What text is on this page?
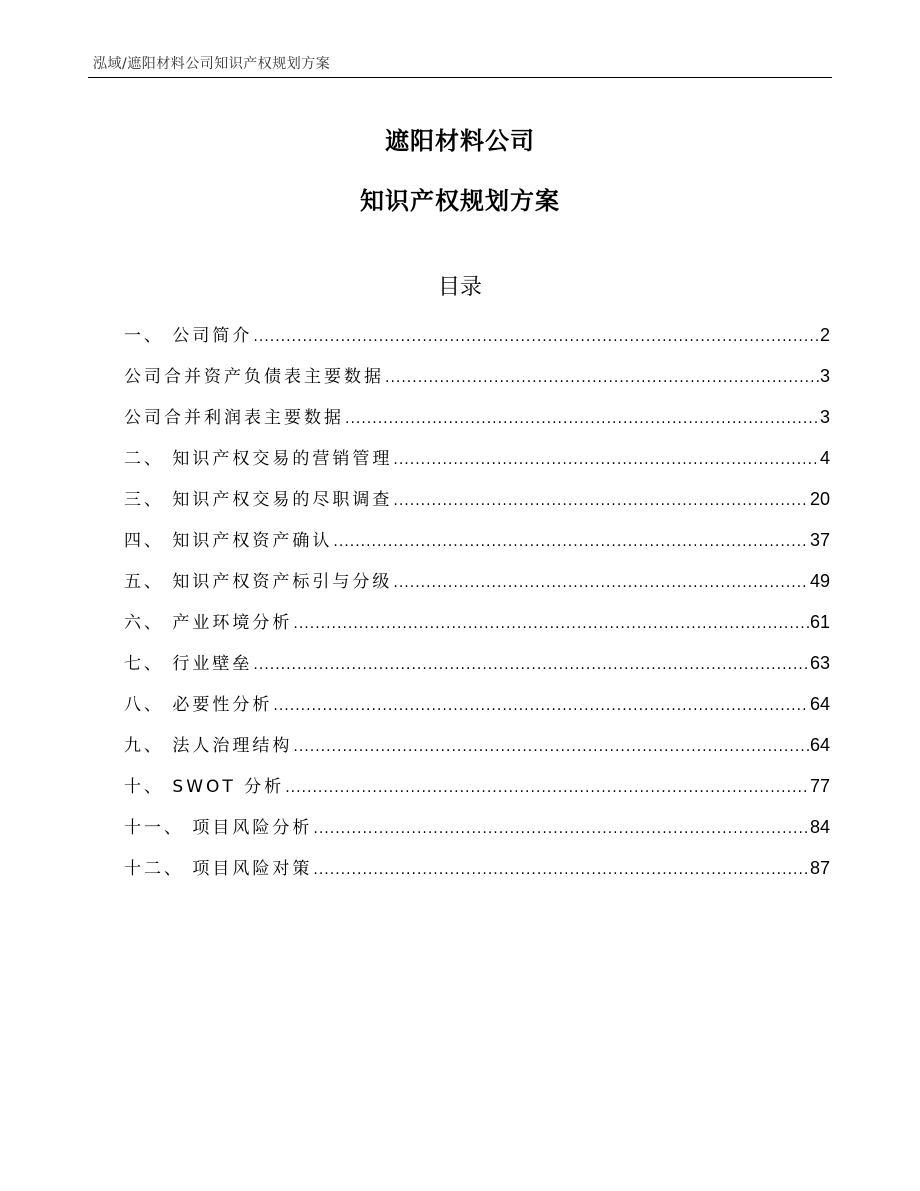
泓域/遮阳材料公司知识产权规划方案
遮阳材料公司
知识产权规划方案
目录
一、 公司简介 .....	2
公司合并资产负债表主要数据 .....	3
公司合并利润表主要数据 .....	3
二、 知识产权交易的营销管理 .....	4
三、 知识产权交易的尽职调查 .....	20
四、 知识产权资产确认 .....	37
五、 知识产权资产标引与分级 .....	49
六、 产业环境分析 .....	61
七、 行业壁垒 .....	63
八、 必要性分析 .....	64
九、 法人治理结构 .....	64
十、 SWOT 分析 .....	77
十一、 项目风险分析 .....	84
十二、 项目风险对策 .....	87
